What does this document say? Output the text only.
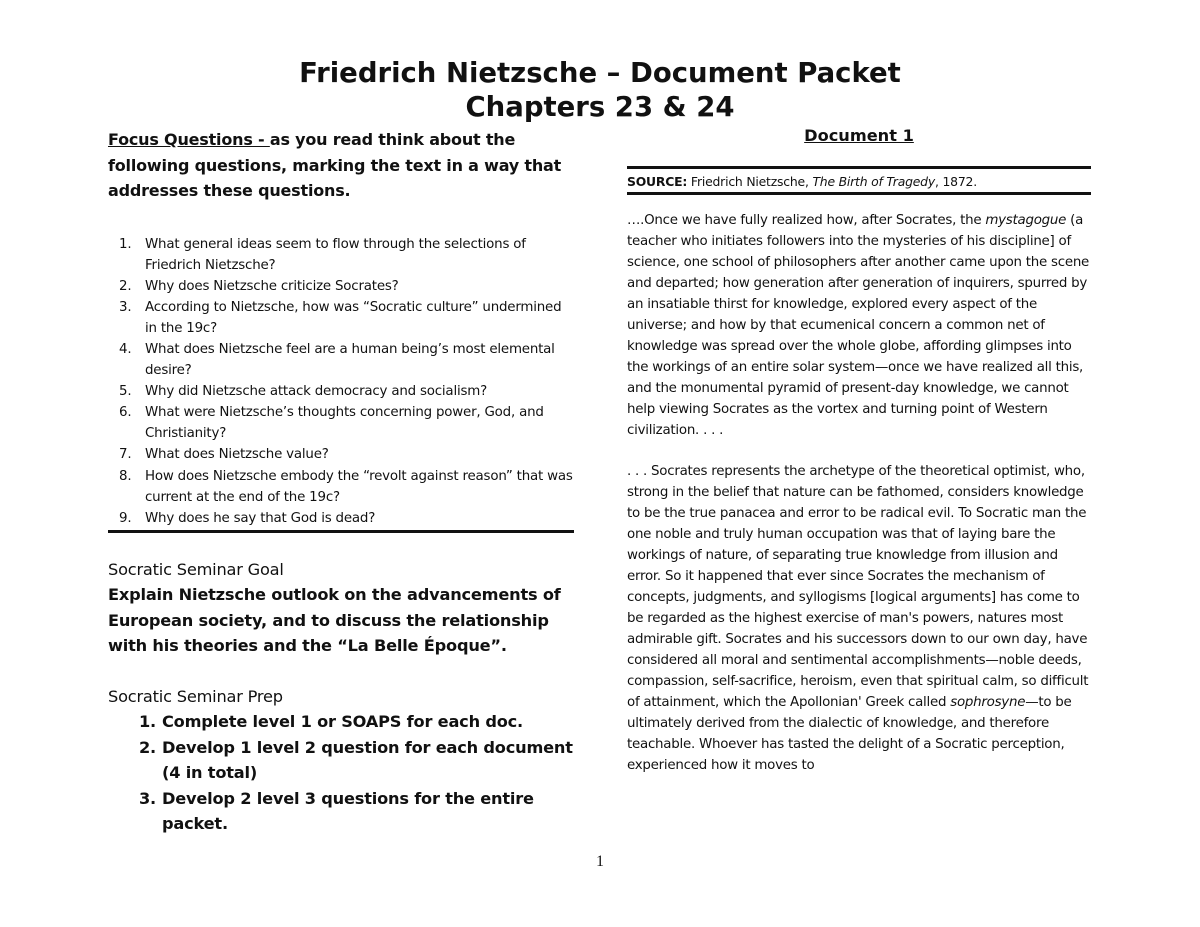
Friedrich Nietzsche – Document Packet
Chapters 23 & 24

Focus Questions - as you read think about the following questions, marking the text in a way that addresses these questions.

1.	What general ideas seem to flow through the selections of Friedrich Nietzsche?
2.	Why does Nietzsche criticize Socrates?
3.	According to Nietzsche, how was “Socratic culture” undermined in the 19c?
4.	What does Nietzsche feel are a human being’s most elemental desire?
5.	Why did Nietzsche attack democracy and socialism?
6.	What were Nietzsche’s thoughts concerning power, God, and Christianity?
7.	What does Nietzsche value?
8.	How does Nietzsche embody the “revolt against reason” that was current at the end of the 19c?
9.	Why does he say that God is dead?
Socratic Seminar Goal
Explain Nietzsche outlook on the advancements of European society, and to discuss the relationship with his theories and the “La Belle Époque”.
Socratic Seminar Prep
1. Complete level 1 or SOAPS for each doc.
2. Develop 1 level 2 question for each document (4 in total)
3. Develop 2 level 3 questions for the entire packet.
Document 1
SOURCE: Friedrich Nietzsche, The Birth of Tragedy, 1872.

….Once we have fully realized how, after Socrates, the mystagogue (a teacher who initiates followers into the mysteries of his discipline] of science, one school of philosophers after another came upon the scene and departed; how generation after generation of inquirers, spurred by an insatiable thirst for knowledge, explored every aspect of the universe; and how by that ecumenical concern a common net of knowledge was spread over the whole globe, affording glimpses into the workings of an entire solar system—once we have realized all this, and the monumental pyramid of present-day knowledge, we cannot help viewing Socrates as the vortex and turning point of Western civilization. . . .

. . . Socrates represents the archetype of the theoretical optimist, who, strong in the belief that nature can be fathomed, considers knowledge to be the true panacea and error to be radical evil. To Socratic man the one noble and truly human occupation was that of laying bare the workings of nature, of separating true knowledge from illusion and error. So it happened that ever since Socrates the mechanism of concepts, judgments, and syllogisms [logical arguments] has come to be regarded as the highest exercise of man's powers, natures most admirable gift. Socrates and his successors down to our own day, have considered all moral and sentimental accomplishments—noble deeds, compassion, self-sacrifice, heroism, even that spiritual calm, so difficult of attainment, which the Apollonian' Greek called sophrosyne—to be ultimately derived from the dialectic of knowledge, and therefore teachable. Whoever has tasted the delight of a Socratic perception, experienced how it moves to

1
